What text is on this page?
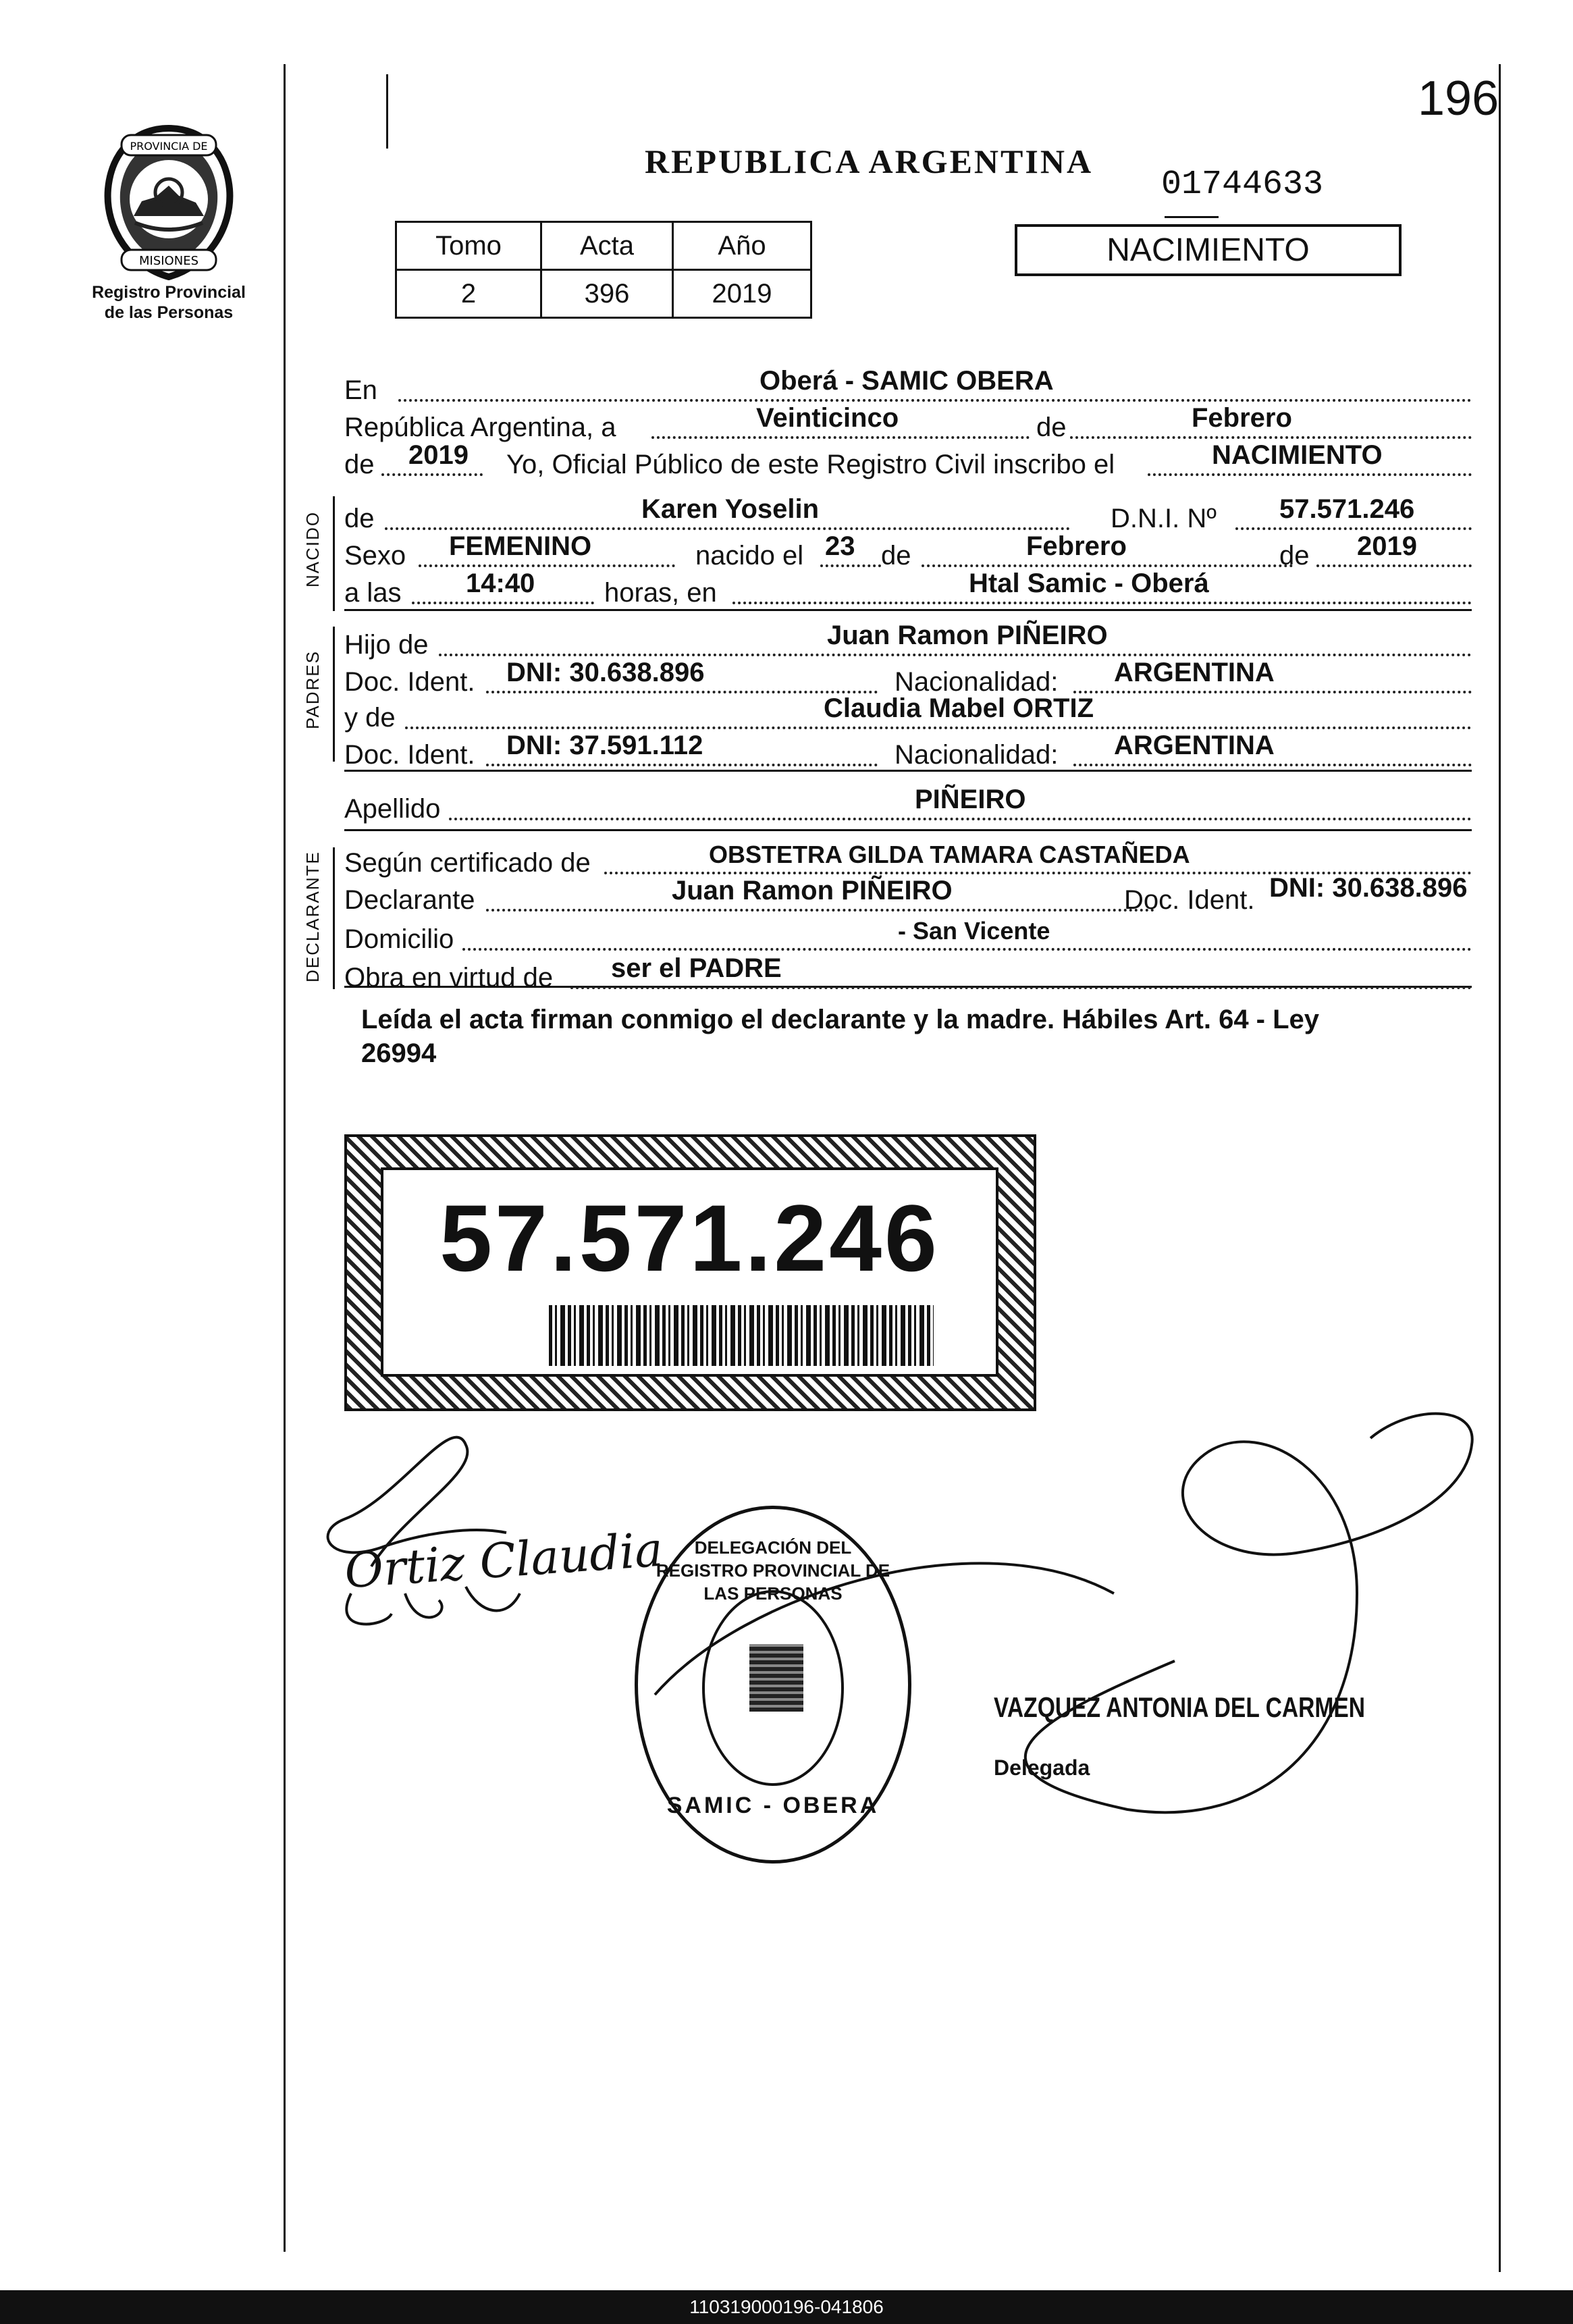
196
PROVINCIA DE
MISIONES
Registro Provincial
de las Personas
REPUBLICA ARGENTINA
01744633
Tomo	Acta	Año
2	396	2019
NACIMIENTO
NACIDO
PADRES
DECLARANTE
En	Oberá - SAMIC OBERA
República Argentina, a	Veinticinco	de	Febrero
de 2019 Yo, Oficial Público de este Registro Civil inscribo el	NACIMIENTO
de	Karen Yoselin	D.N.I. Nº 57.571.246
Sexo FEMENINO	nacido el 23 de	Febrero	de 2019
a las 14:40	horas, en	Htal Samic - Oberá
Hijo de	Juan Ramon PIÑEIRO
Doc. Ident. DNI: 30.638.896	Nacionalidad: ARGENTINA
y de	Claudia Mabel ORTIZ
Doc. Ident. DNI: 37.591.112	Nacionalidad: ARGENTINA
Apellido	PIÑEIRO
Según certificado de	OBSTETRA GILDA TAMARA CASTAÑEDA
Declarante	Juan Ramon PIÑEIRO	Doc. Ident. DNI: 30.638.896
Domicilio	- San Vicente
Obra en virtud de ser el PADRE
Leída el acta firman conmigo el declarante y la madre. Hábiles Art. 64 - Ley
26994
57.571.246
Ortiz Claudia	DELEGACIÓN DEL REGISTRO PROVINCIAL DE LAS PERSONAS
SAMIC - OBERA
VAZQUEZ ANTONIA DEL CARMEN
Delegada
110319000196-041806
